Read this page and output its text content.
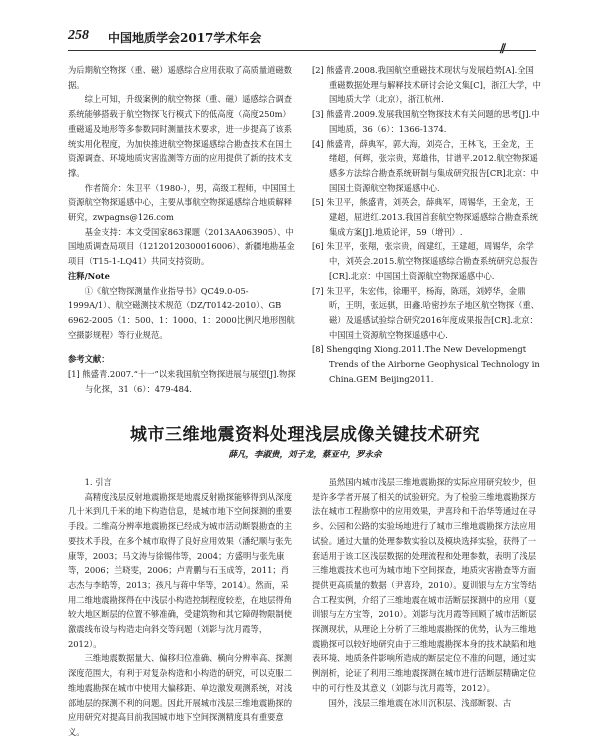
258 中国地质学会2017学术年会
⫽

为后期航空物探（重、磁）遥感综合应用获取了高质量道磁数据。

综上可知，升级案例的航空物探（重、磁）遥感综合调查系统能够搭载于航空物探飞行模式下的低高度（高度250m）重磁遥及地形等多参数同时测量技术要求，进一步提高了该系统实用化程度，为加快推进航空物探遥感综合勘查技术在国土资源调查、环境地质灾害监测等方面的应用提供了新的技术支撑。

作者简介：朱卫平（1980-），男，高级工程师，中国国土资源航空物探遥感中心，主要从事航空物探遥感综合地质解释研究，zwpagns@126.com

基金支持：本文受国家863课题（2013AA063905）、中国地质调查局项目（12120120300016006）、新疆地勘基金项目（T15-1-LQ41）共同支持资助。

注释/Note

①《航空物探测量作业指导书》QC49.0-05-1999A/1）、航空磁测技术规范（DZ/T0142-2010）、GB 6962-2005（1：500、1：1000、1：2000比例尺地形图航空摄影规程）等行业规范。

参考文献：

[1] 熊盛青.2007.“十一”以来我国航空物探进展与展望[J].物探与化探，31（6）：479-484.

[2] 熊盛青.2008.我国航空重磁技术现状与发展趋势[A].全国重磁数据处理与解释技术研讨会论文集[C]，浙江大学，中国地质大学（北京），浙江杭州.

[3] 熊盛青.2009.发展我国航空物探技术有关问题的思考[J].中国地质，36（6）：1366-1374.

[4] 熊盛青，薛典军，郭大海，刘亮合，王林飞，王金龙，王绪超，何辉，张宗贵，郑雄伟，甘谱平.2012.航空物探遥感多方法综合勘查系统研制与集成研究报告[CR]北京：中国国土资源航空物探遥感中心.

[5] 朱卫平，熊盛青，刘英会，薛典军，周锡华，王金龙，王建超，屈进红.2013.我国首套航空物探遥感综合勘查系统集成方案[J].地质论评，59（增刊）.

[6] 朱卫平，张翔，张宗贵，阎建红，王建超，周锡华，余学中，刘英会.2015.航空物探遥感综合勘查系统研究总报告[CR].北京：中国国土资源航空物探遥感中心.

[7] 朱卫平，朱宏伟，徐珊平，杨海，陈瑶，刘婷华，金鼎昕，王明，张远骐，田鑫.哈密抄东子地区航空物探（重、磁）及遥感试验综合研究2016年度成果报告[CR].北京：中国国土资源航空物探遥感中心.

[8] Shengqing Xiong.2011.The New Developmengt Trends of the Airborne Geophysical Technology in China.GEM Beijing2011.

城市三维地震资料处理浅层成像关键技术研究
薛凡，李淑贵，刘子龙，蔡亚中，罗永余

1. 引言

高精度浅层反射地震勘探是地震反射勘探能够得到从深度几十米到几千米的地下构造信息，是城市地下空间探测的重要手段。二维高分辨率地震勘探已经成为城市活动断裂勘查的主要技术手段，在多个城市取得了良好应用效果（潘纪顺与张先康等，2003；马文涛与徐锡伟等，2004；方盛明与张先康等，2006；兰晓雯，2006；卢青鹏与石玉成等，2011；肖志杰与李皓等，2013；孩凡与蒋中华等，2014）。然而，采用二维地震勘探得在中浅层小构造控制程度较差，在地层得角较大地区断层的位置不够准确，受建筑物和其它障碍物限制使激震线布设与构造走向斜交等问题（刘影与沈月霞等，2012）。

三维地震数据量大、偏移归位准确、横向分辨率高、探测深度范围大，有利于对复杂构造和小构造的研究，可以克服二维地震勘探在城市中使用大偏移距、单边激发观测系统，对浅部地层的探测不利的问题。因此开展城市浅层三维地震勘探的应用研究对提高目前我国城市地下空间探测精度具有重要意义。

虽然国内城市浅层三维地震勘探的实际应用研究较少，但是许多学者开展了相关的试验研究。为了检验三维地震勘探方法在城市工程勘察中的应用效果，尹喜玲和千治华等通过在寻乡、公园和公路的实验场地进行了城市三维地震勘探方法应用试验。通过大量的处理参数实验以及模块选择实验，获得了一套适用于该工区浅层数据的处理流程和处理参数，表明了浅层三维地震技术也可为城市地下空间探查，地质灾害勘查等方面提供更高质量的数据（尹喜玲，2010）。夏训银与左方宝等结合工程实例，介绍了三维地震在城市活断层探测中的应用（夏训银与左方宝等，2010）。刘影与沈月霞等回顾了城市活断层探测现状，从理论上分析了三维地震勘探的优势，认为三维地震勘探可以较好地研究由于三维地震勘探本身的技术缺陷和地表环境、地质条件影响所造成的断层定位不准的问题，通过实例剖析，论证了利用三维地震探测在城市进行活断层精确定位中的可行性及其意义（刘影与沈月霞等，2012）。

国外，浅层三维地震在冰川沉积层、浅部断裂、古
